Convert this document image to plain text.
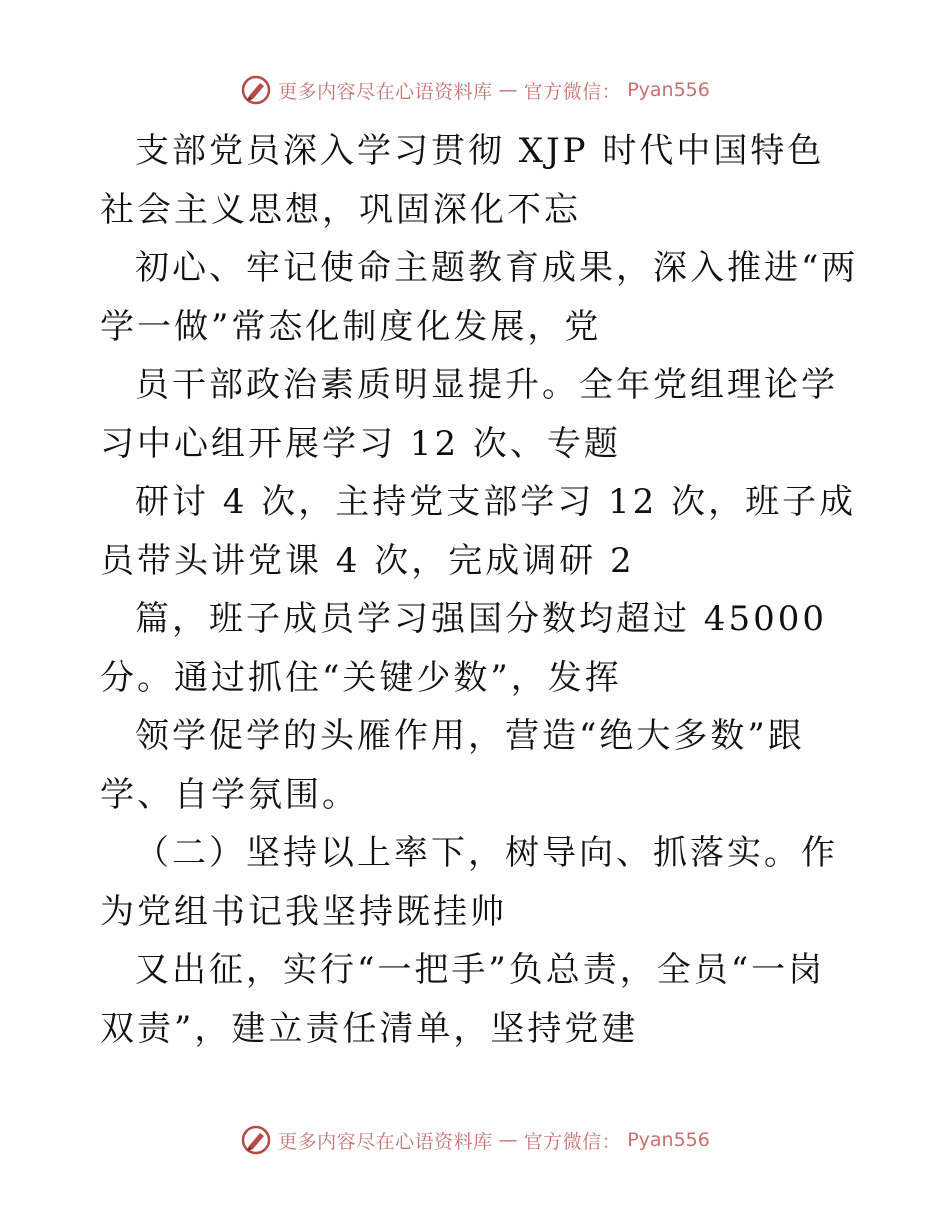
更多内容尽在心语资料库 — 官方微信： Pyan556

支部党员深入学习贯彻 XJP 时代中国特色社会主义思想，巩固深化不忘

初心、牢记使命主题教育成果，深入推进“两学一做”常态化制度化发展，党

员干部政治素质明显提升。全年党组理论学习中心组开展学习 12 次、专题

研讨 4 次，主持党支部学习 12 次，班子成员带头讲党课 4 次，完成调研 2

篇，班子成员学习强国分数均超过 45000 分。通过抓住“关键少数”，发挥

领学促学的头雁作用，营造“绝大多数”跟学、自学氛围。

（二）坚持以上率下，树导向、抓落实。作为党组书记我坚持既挂帅

又出征，实行“一把手”负总责，全员“一岗双责”，建立责任清单，坚持党建

更多内容尽在心语资料库 — 官方微信： Pyan556
